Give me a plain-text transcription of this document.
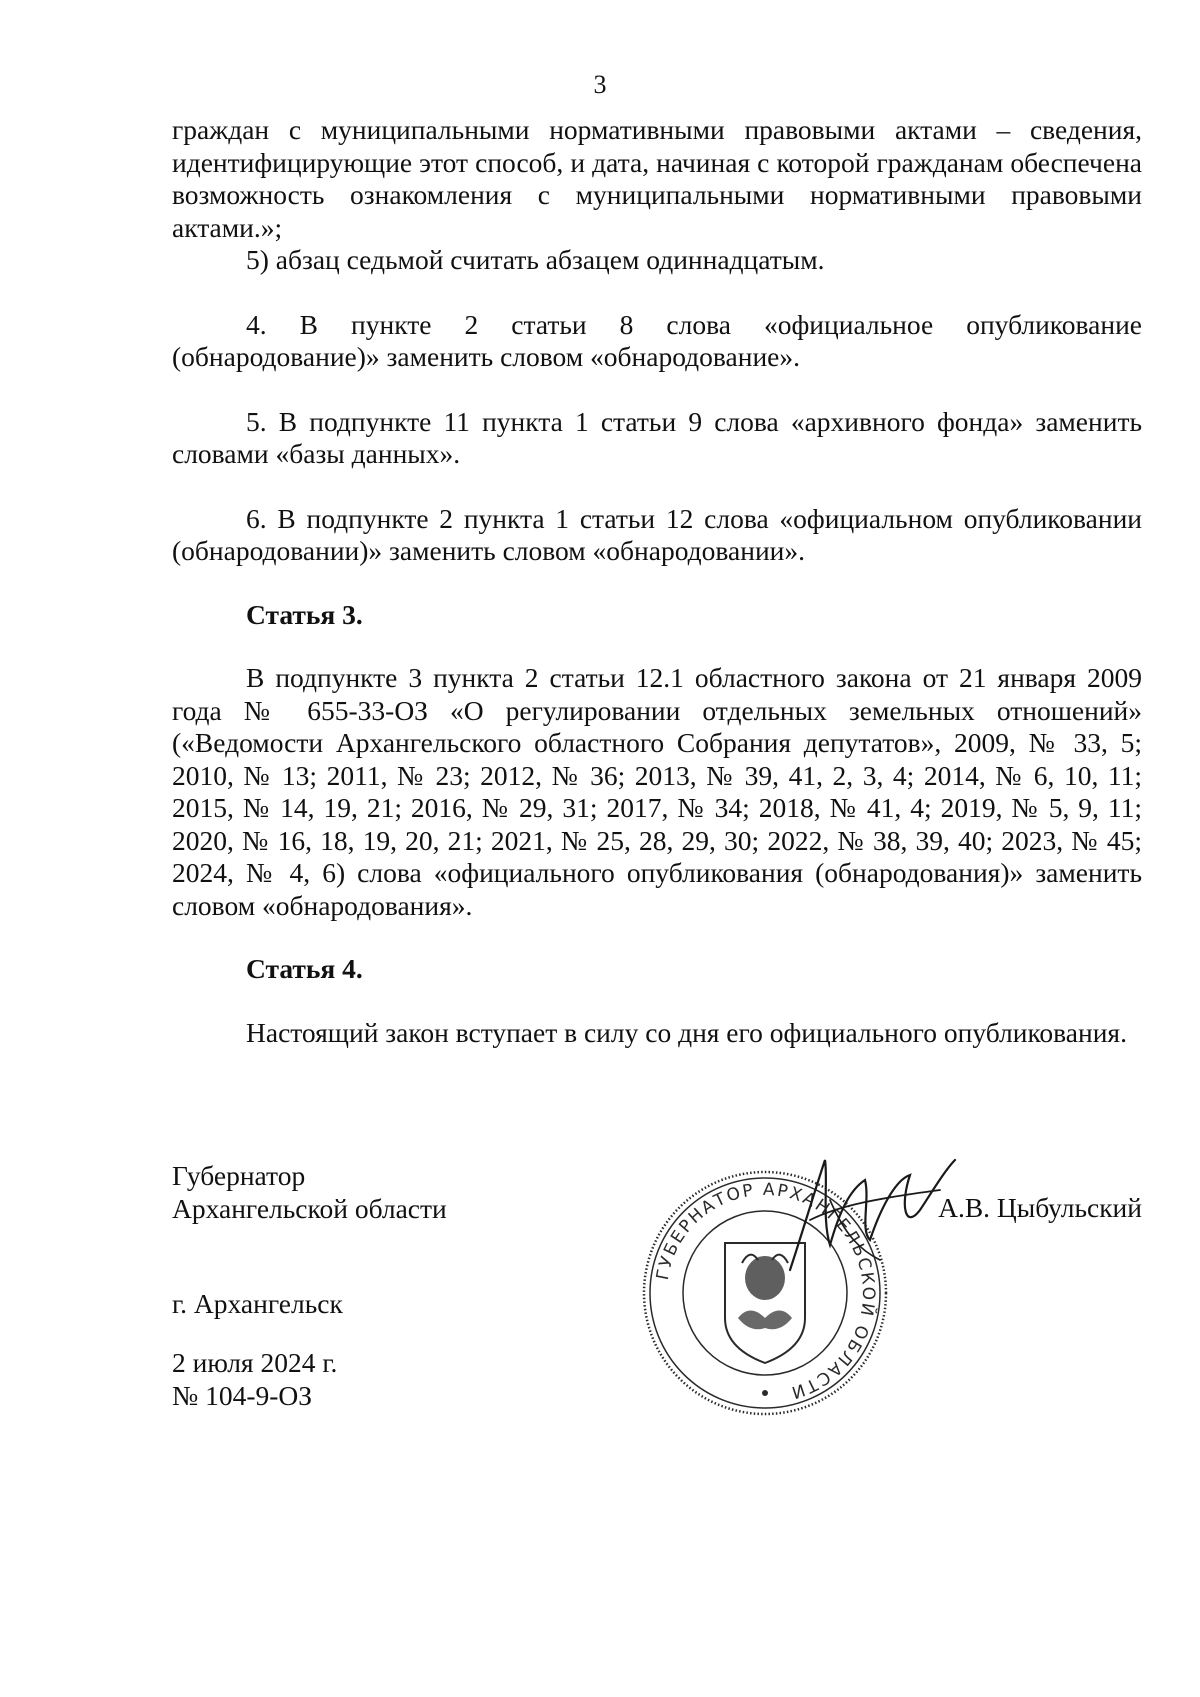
3

граждан с муниципальными нормативными правовыми актами – сведения, идентифицирующие этот способ, и дата, начиная с которой гражданам обеспечена возможность ознакомления с муниципальными нормативными правовыми актами.»;

5) абзац седьмой считать абзацем одиннадцатым.

4. В пункте 2 статьи 8 слова «официальное опубликование (обнародование)» заменить словом «обнародование».

5. В подпункте 11 пункта 1 статьи 9 слова «архивного фонда» заменить словами «базы данных».

6. В подпункте 2 пункта 1 статьи 12 слова «официальном опубликовании (обнародовании)» заменить словом «обнародовании».

Статья 3.

В подпункте 3 пункта 2 статьи 12.1 областного закона от 21 января 2009 года № 655-33-ОЗ «О регулировании отдельных земельных отношений» («Ведомости Архангельского областного Собрания депутатов», 2009, № 33, 5; 2010, № 13; 2011, № 23; 2012, № 36; 2013, № 39, 41, 2, 3, 4; 2014, № 6, 10, 11; 2015, № 14, 19, 21; 2016, № 29, 31; 2017, № 34; 2018, № 41, 4; 2019, № 5, 9, 11; 2020, № 16, 18, 19, 20, 21; 2021, № 25, 28, 29, 30; 2022, № 38, 39, 40; 2023, № 45; 2024, № 4, 6) слова «официального опубликования (обнародования)» заменить словом «обнародования».

Статья 4.

Настоящий закон вступает в силу со дня его официального опубликования.

Губернатор
Архангельской области
ГУБЕРНАТОР АРХАНГЕЛЬСКОЙ ОБЛАСТИ
А.В. Цыбульский
г. Архангельск
2 июля 2024 г.
№ 104-9-ОЗ
